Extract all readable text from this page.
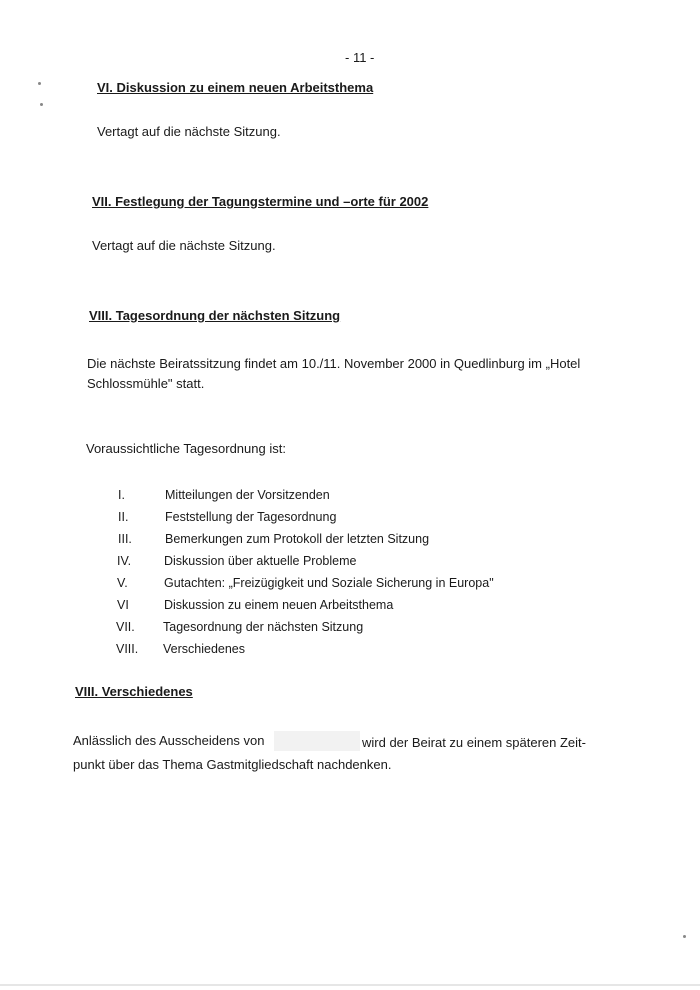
- 11 -
VI. Diskussion zu einem neuen Arbeitsthema
Vertagt auf die nächste Sitzung.
VII. Festlegung der Tagungstermine und –orte für 2002
Vertagt auf die nächste Sitzung.
VIII. Tagesordnung der nächsten Sitzung
Die nächste Beiratssitzung findet am 10./11. November 2000 in Quedlinburg im „Hotel
Schlossmühle" statt.
Voraussichtliche Tagesordnung ist:
I.	Mitteilungen der Vorsitzenden
II.	Feststellung der Tagesordnung
III.	Bemerkungen zum Protokoll der letzten Sitzung
IV.	Diskussion über aktuelle Probleme
V.	Gutachten: „Freizügigkeit und Soziale Sicherung in Europa"
VI	Diskussion zu einem neuen Arbeitsthema
VII. Tagesordnung der nächsten Sitzung
VIII. Verschiedenes
VIII. Verschiedenes
Anlässlich des Ausscheidens von	wird der Beirat zu einem späteren Zeit-
punkt über das Thema Gastmitgliedschaft nachdenken.
